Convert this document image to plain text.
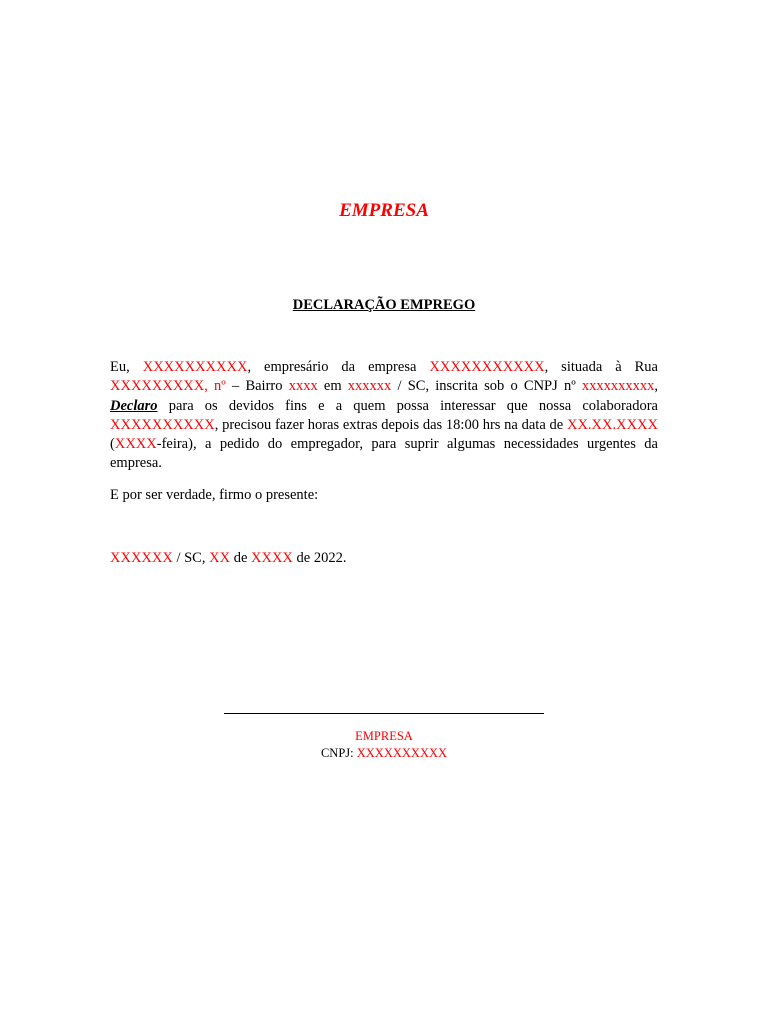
EMPRESA
DECLARAÇÃO EMPREGO

Eu, XXXXXXXXXX, empresário da empresa XXXXXXXXXXX, situada à Rua XXXXXXXXX, nº – Bairro xxxx em xxxxxx / SC, inscrita sob o CNPJ nº xxxxxxxxxx, Declaro para os devidos fins e a quem possa interessar que nossa colaboradora XXXXXXXXXX, precisou fazer horas extras depois das 18:00 hrs na data de XX.XX.XXXX (XXXX-feira), a pedido do empregador, para suprir algumas necessidades urgentes da empresa.

E por ser verdade, firmo o presente:

XXXXXX / SC, XX de XXXX de 2022.

EMPRESA
CNPJ: XXXXXXXXXX
